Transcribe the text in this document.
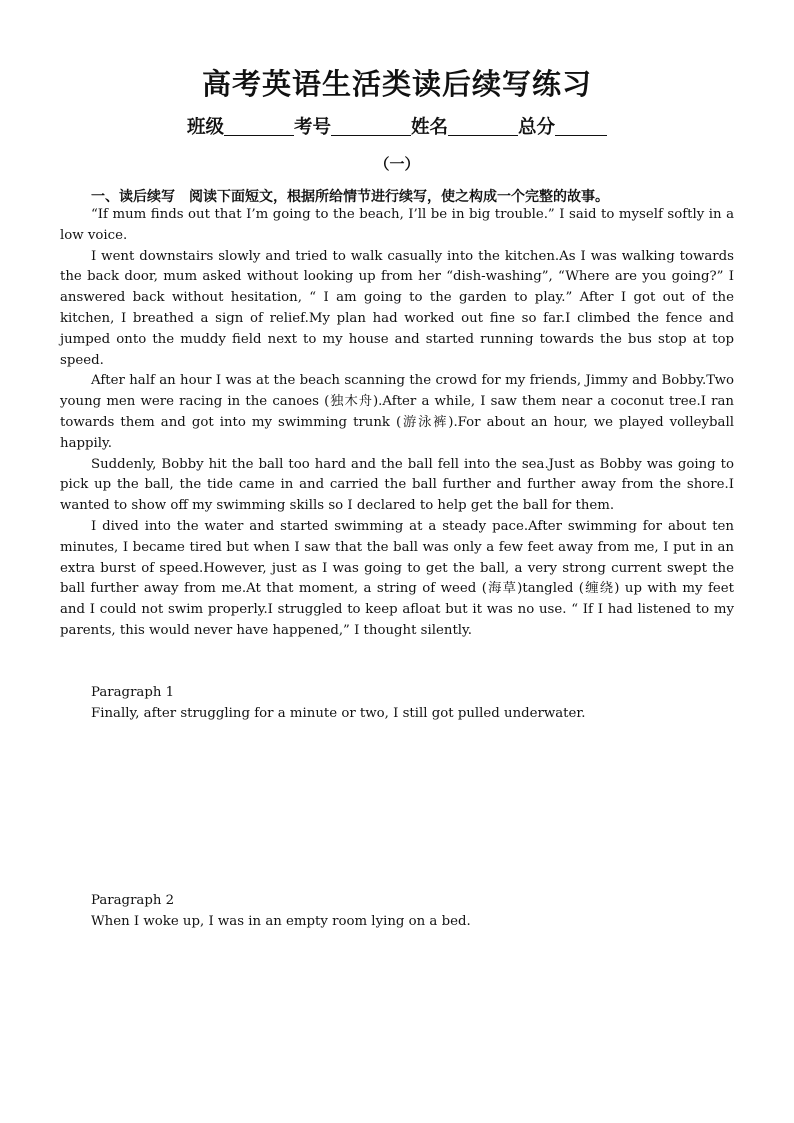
高考英语生活类读后续写练习
班级	考号	姓名	总分
（一）
一、读后续写　阅读下面短文，根据所给情节进行续写，使之构成一个完整的故事。

“If mum finds out that I’m going to the beach, I’ll be in big trouble.” I said to myself softly in a low voice.

I went downstairs slowly and tried to walk casually into the kitchen.As I was walking towards the back door, mum asked without looking up from her “dish-washing”, “Where are you going?” I answered back without hesitation, “ I am going to the garden to play.” After I got out of the kitchen, I breathed a sign of relief.My plan had worked out fine so far.I climbed the fence and jumped onto the muddy field next to my house and started running towards the bus stop at top speed.

After half an hour I was at the beach scanning the crowd for my friends, Jimmy and Bobby.Two young men were racing in the canoes (独木舟).After a while, I saw them near a coconut tree.I ran towards them and got into my swimming trunk (游泳裤).For about an hour, we played volleyball happily.

Suddenly, Bobby hit the ball too hard and the ball fell into the sea.Just as Bobby was going to pick up the ball, the tide came in and carried the ball further and further away from the shore.I wanted to show off my swimming skills so I declared to help get the ball for them.

I dived into the water and started swimming at a steady pace.After swimming for about ten minutes, I became tired but when I saw that the ball was only a few feet away from me, I put in an extra burst of speed.However, just as I was going to get the ball, a very strong current swept the ball further away from me.At that moment, a string of weed (海草)tangled (缠绕) up with my feet and I could not swim properly.I struggled to keep afloat but it was no use. “ If I had listened to my parents, this would never have happened,” I thought silently.

Paragraph 1
Finally, after struggling for a minute or two, I still got pulled underwater.
Paragraph 2
When I woke up, I was in an empty room lying on a bed.
